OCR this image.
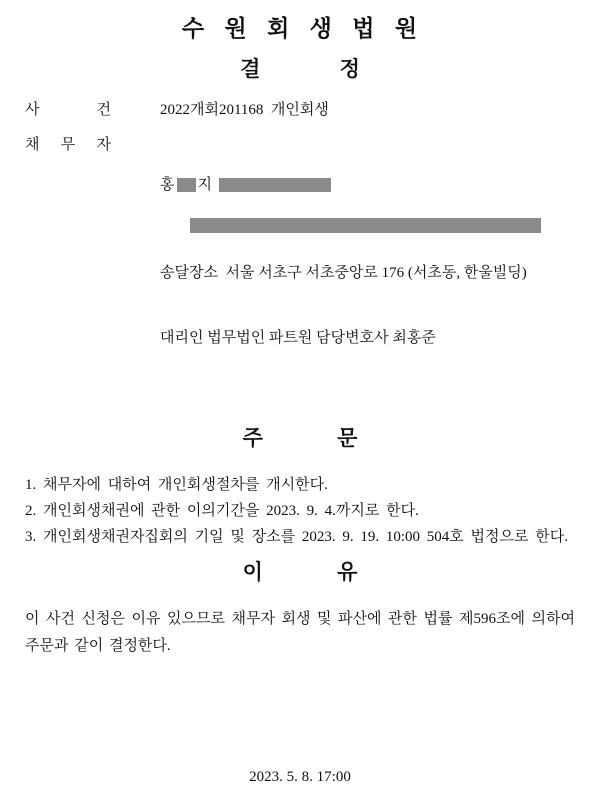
수 원 회 생 법 원
결     정
사 건	2022개회201168  개인회생
채 무 자

홍 지

송달장소  서울 서초구 서초중앙로 176 (서초동, 한울빌딩)

대리인 법무법인 파트원 담당변호사 최홍준

주     문
1. 채무자에 대하여 개인회생절차를 개시한다.
2. 개인회생채권에 관한 이의기간을 2023. 9. 4.까지로 한다.
3. 개인회생채권자집회의 기일 및 장소를 2023. 9. 19. 10:00 504호 법정으로 한다.
이     유
이 사건 신청은 이유 있으므로 채무자 회생 및 파산에 관한 법률 제596조에 의하여
주문과 같이 결정한다.
2023. 5. 8. 17:00
